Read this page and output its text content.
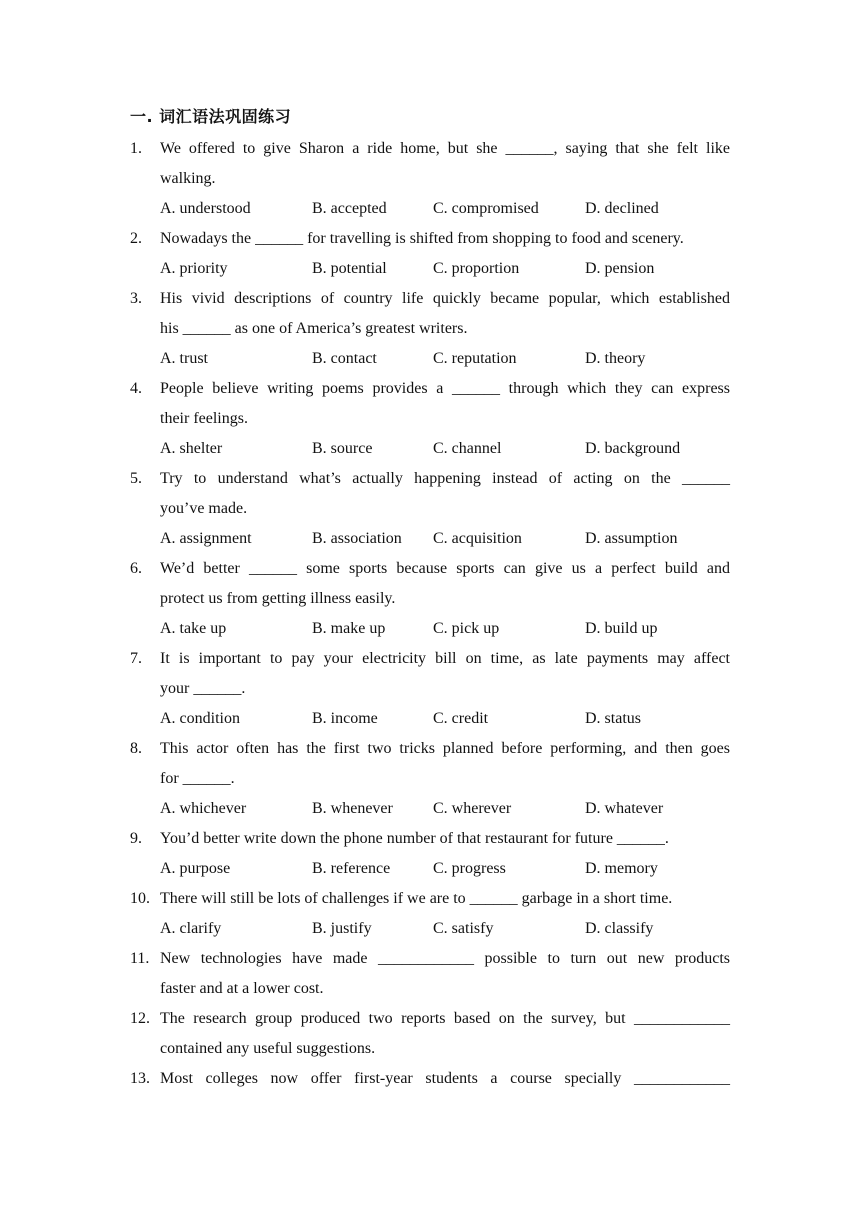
一. 词汇语法巩固练习
1. We offered to give Sharon a ride home, but she ______, saying that she felt like
walking.
A. understood	B. accepted	C. compromised	D. declined
2. Nowadays the ______ for travelling is shifted from shopping to food and scenery.
A. priority	B. potential	C. proportion	D. pension
3. His vivid descriptions of country life quickly became popular, which established
his ______ as one of America’s greatest writers.
A. trust	B. contact	C. reputation	D. theory
4. People believe writing poems provides a ______ through which they can express
their feelings.
A. shelter	B. source	C. channel	D. background
5. Try to understand what’s actually happening instead of acting on the ______
you’ve made.
A. assignment	B. association C. acquisition	D. assumption
6. We’d better ______ some sports because sports can give us a perfect build and
protect us from getting illness easily.
A. take up	B. make up	C. pick up	D. build up
7. It is important to pay your electricity bill on time, as late payments may affect
your ______.
A. condition	B. income	C. credit	D. status
8. This actor often has the first two tricks planned before performing, and then goes
for ______.
A. whichever	B. whenever	C. wherever	D. whatever
9. You’d better write down the phone number of that restaurant for future ______.
A. purpose	B. reference	C. progress	D. memory
10. There will still be lots of challenges if we are to ______ garbage in a short time.
A. clarify	B. justify	C. satisfy	D. classify
11. New technologies have made ____________ possible to turn out new products
faster and at a lower cost.
12. The research group produced two reports based on the survey, but ____________
contained any useful suggestions.
13. Most colleges now offer first-year students a course specially ____________
